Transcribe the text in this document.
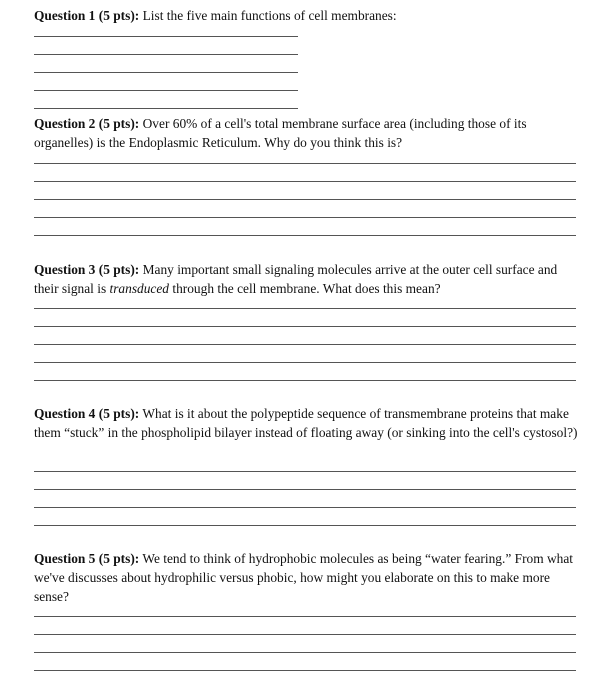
Question 1 (5 pts): List the five main functions of cell membranes:

Question 2 (5 pts): Over 60% of a cell's total membrane surface area (including those of its organelles) is the Endoplasmic Reticulum. Why do you think this is?

Question 3 (5 pts): Many important small signaling molecules arrive at the outer cell surface and their signal is transduced through the cell membrane. What does this mean?

Question 4 (5 pts): What is it about the polypeptide sequence of transmembrane proteins that make them “stuck” in the phospholipid bilayer instead of floating away (or sinking into the cell's cystosol?)

Question 5 (5 pts): We tend to think of hydrophobic molecules as being “water fearing.” From what we've discusses about hydrophilic versus phobic, how might you elaborate on this to make more sense?
